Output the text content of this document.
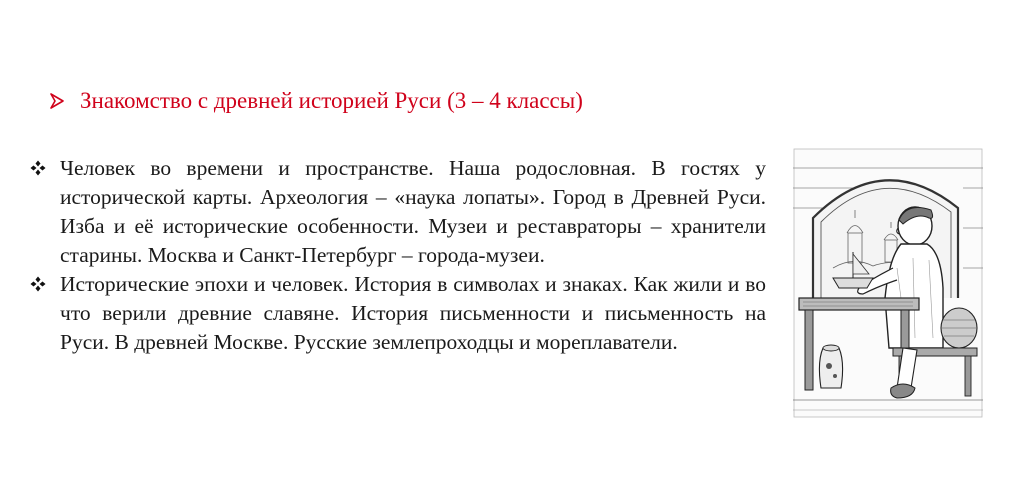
Знакомство с древней историей Руси (3 – 4 классы)
Человек во времени и пространстве. Наша родословная. В гостях у исторической карты. Археология – «наука лопаты». Город в Древней Руси. Изба и её исторические особенности. Музеи и реставраторы – хранители старины. Москва и Санкт-Петербург – города-музеи.
Исторические эпохи и человек. История в символах и знаках. Как жили и во что верили древние славяне. История письменности и письменность на Руси. В древней Москве. Русские землепроходцы и мореплаватели.
